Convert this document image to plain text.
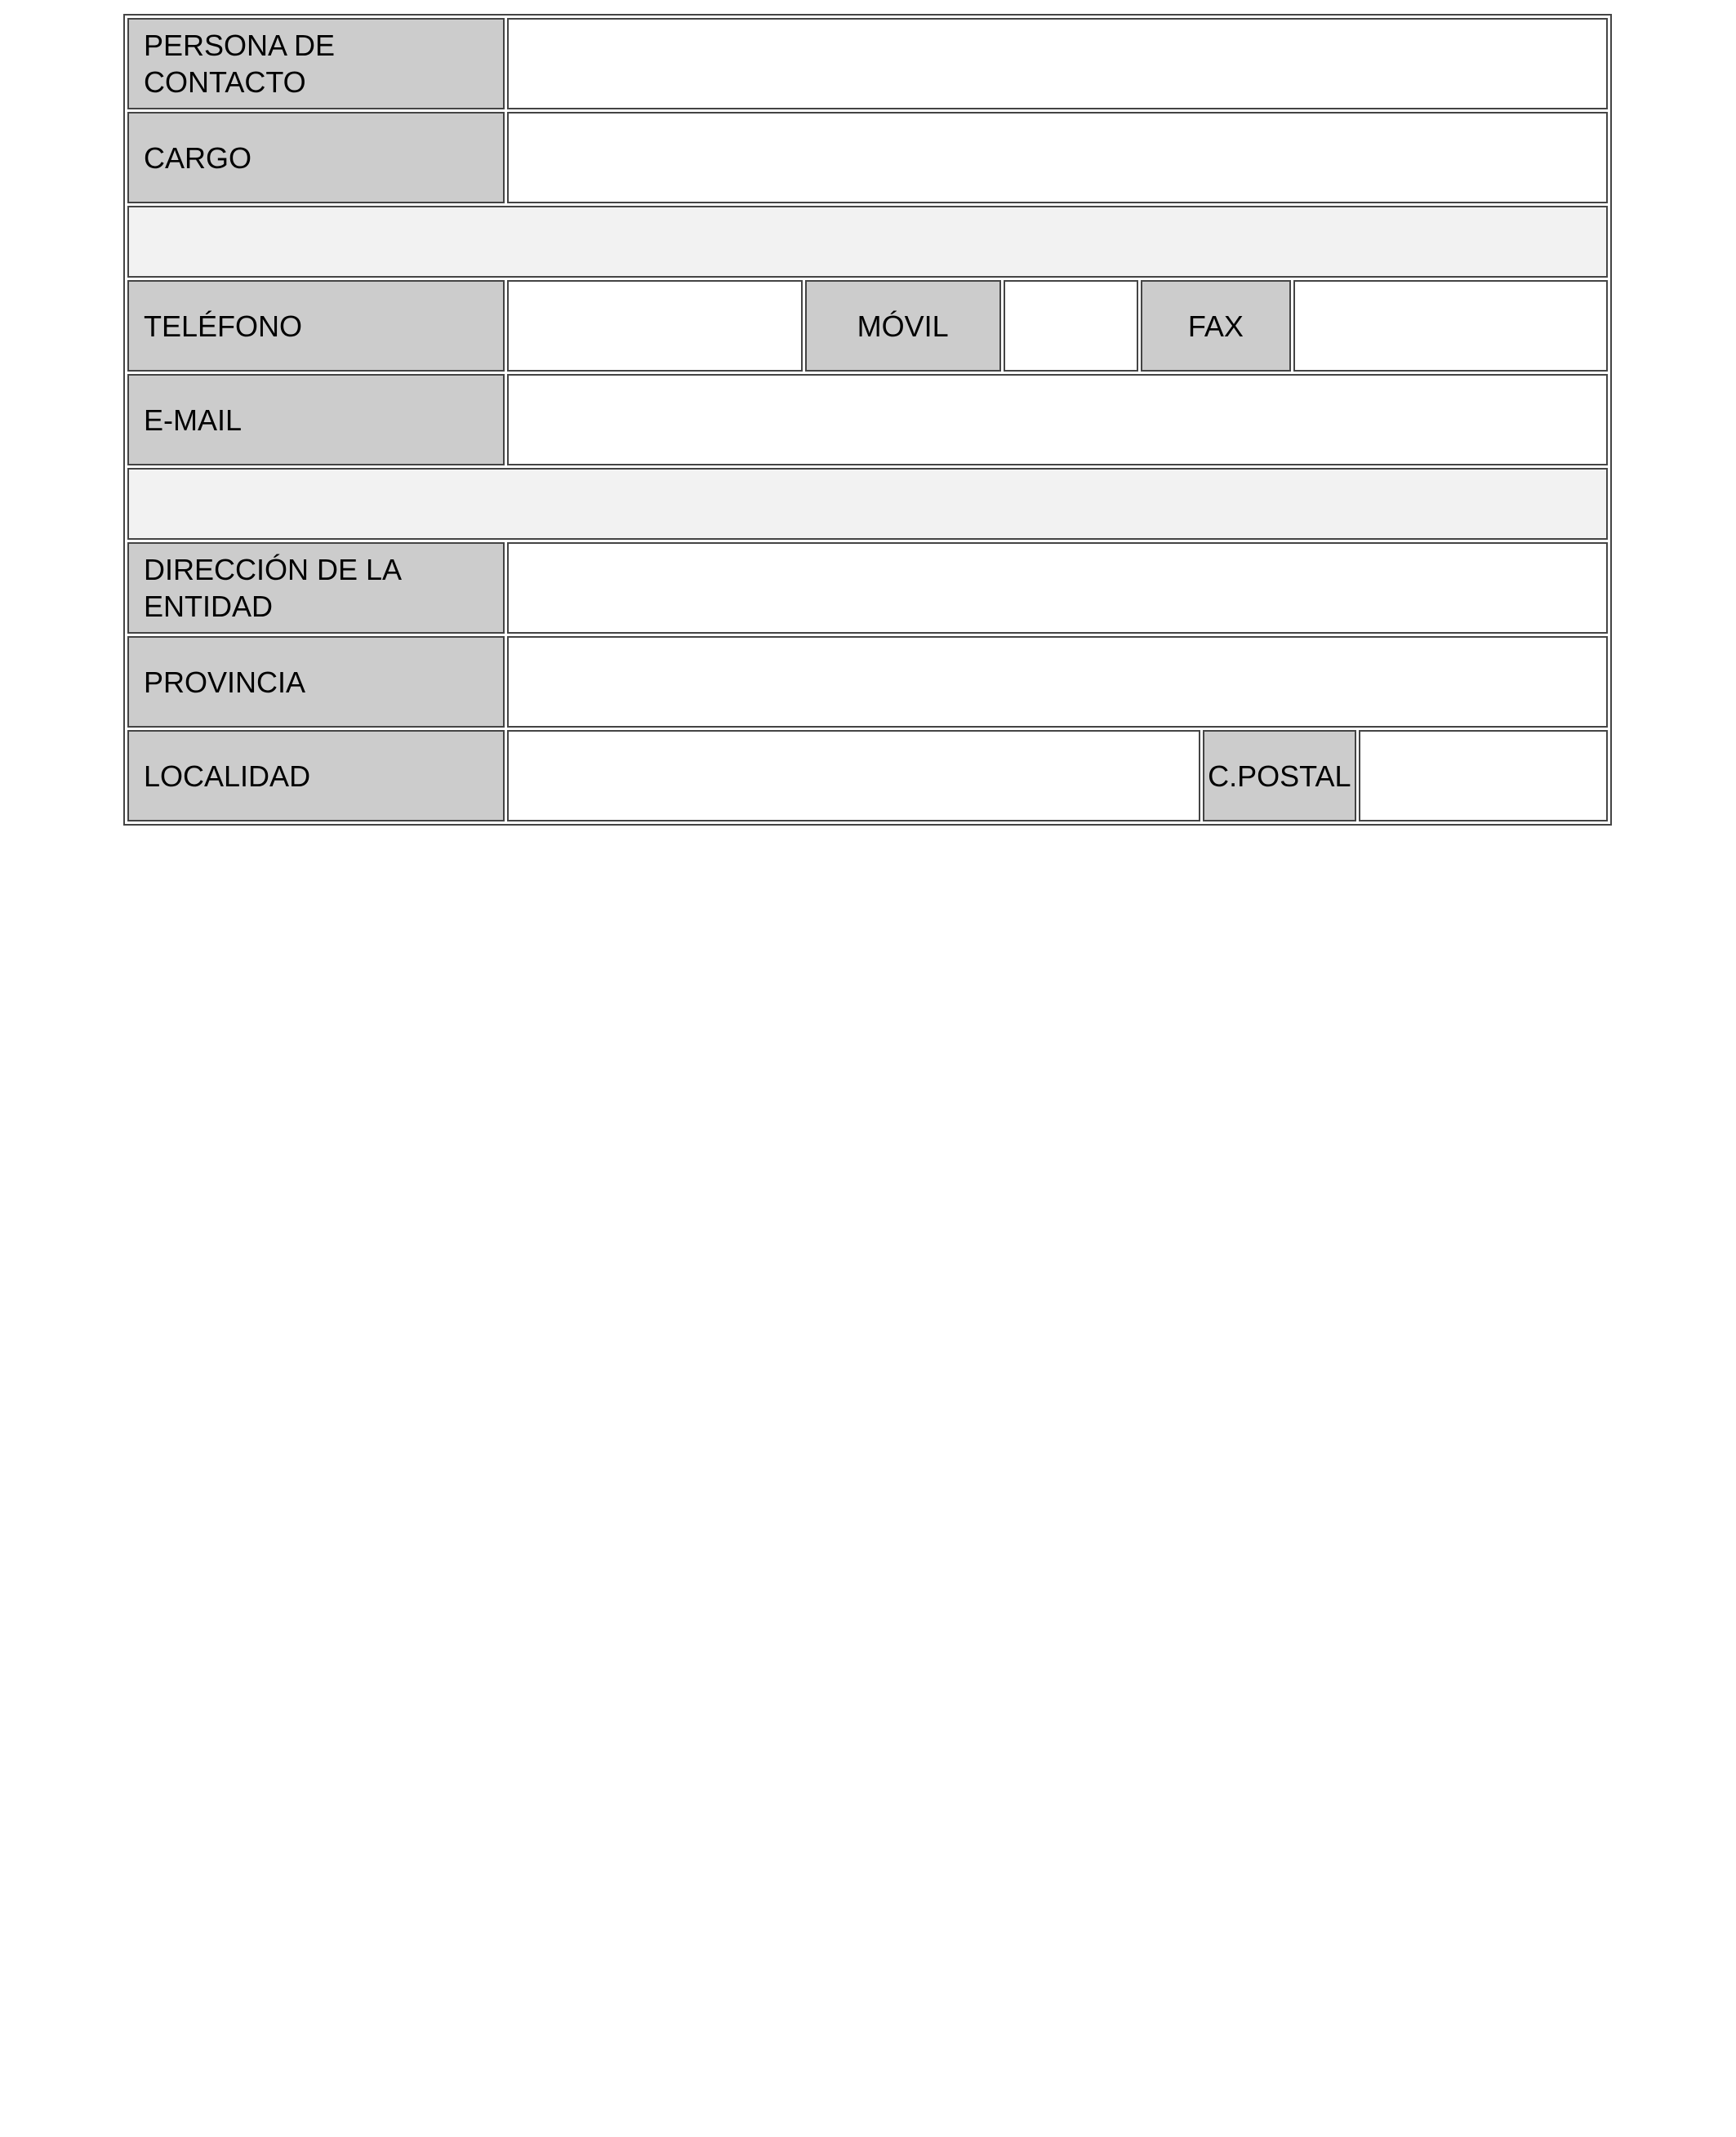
PERSONA DE CONTACTO							
CARGO							

TELÉFONO		MÓVIL		FAX			
E-MAIL							

DIRECCIÓN DE LA ENTIDAD							
PROVINCIA							
LOCALIDAD					C.POSTAL		
